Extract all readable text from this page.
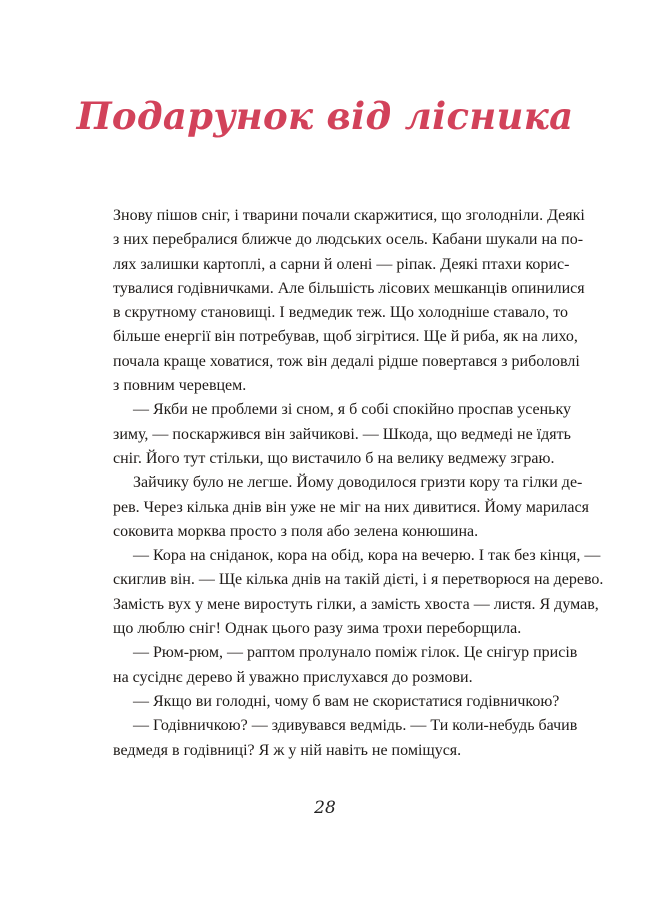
Подарунок від лісника
Знову пішов сніг, і тварини почали скаржитися, що зголодніли. Деякі
з них перебралися ближче до людських осель. Кабани шукали на по-
лях залишки картоплі, а сарни й олені — ріпак. Деякі птахи корис-
тувалися годівничками. Але більшість лісових мешканців опинилися
в скрутному становищі. І ведмедик теж. Що холодніше ставало, то
більше енергії він потребував, щоб зігрітися. Ще й риба, як на лихо,
почала краще ховатися, тож він дедалі рідше повертався з риболовлі
з повним черевцем.
— Якби не проблеми зі сном, я б собі спокійно проспав усеньку
зиму, — поскаржився він зайчикові. — Шкода, що ведмеді не їдять
сніг. Його тут стільки, що вистачило б на велику ведмежу зграю.
Зайчику було не легше. Йому доводилося гризти кору та гілки де-
рев. Через кілька днів він уже не міг на них дивитися. Йому марилася
соковита морква просто з поля або зелена конюшина.
— Кора на сніданок, кора на обід, кора на вечерю. І так без кінця, —
скиглив він. — Ще кілька днів на такій дієті, і я перетворюся на дерево.
Замість вух у мене виростуть гілки, а замість хвоста — листя. Я думав,
що люблю сніг! Однак цього разу зима трохи переборщила.
— Рюм-рюм, — раптом пролунало поміж гілок. Це снігур присів
на сусіднє дерево й уважно прислухався до розмови.
— Якщо ви голодні, чому б вам не скористатися годівничкою?
— Годівничкою? — здивувався ведмідь. — Ти коли-небудь бачив
ведмедя в годівниці? Я ж у ній навіть не поміщуся.
28
